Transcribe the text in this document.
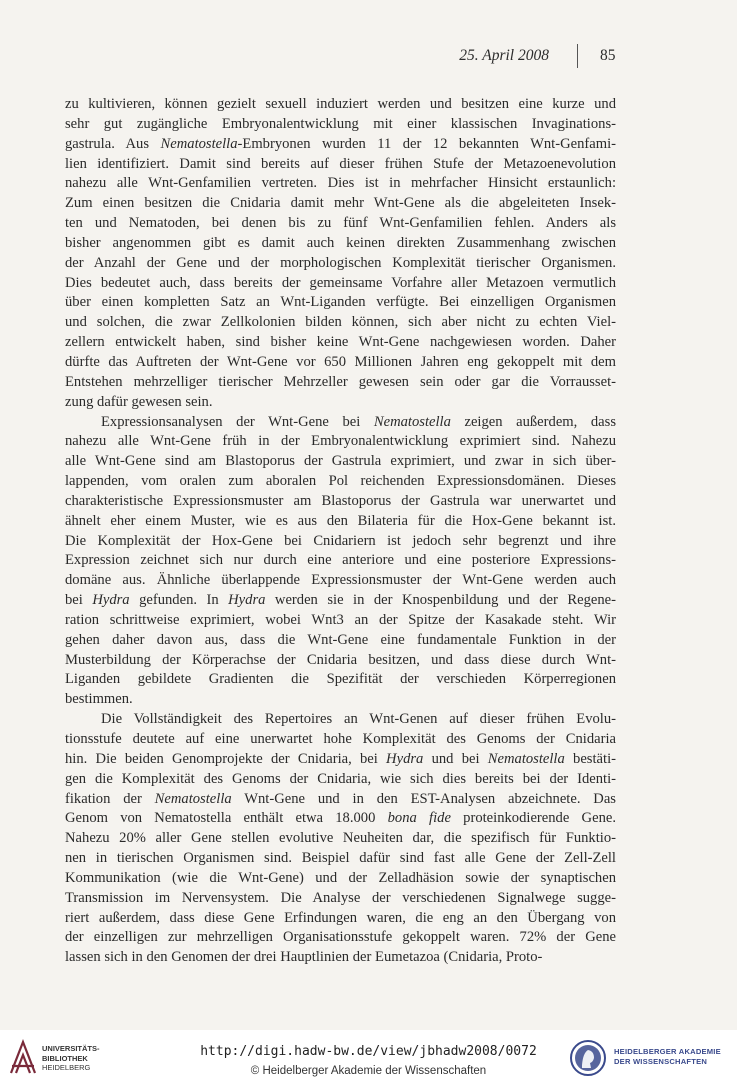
25. April 2008	85
zu kultivieren, können gezielt sexuell induziert werden und besitzen eine kurze und
sehr gut zugängliche Embryonalentwicklung mit einer klassischen Invaginations-
gastrula. Aus Nematostella-Embryonen wurden 11 der 12 bekannten Wnt-Genfami-
lien identifiziert. Damit sind bereits auf dieser frühen Stufe der Metazoenevolution
nahezu alle Wnt-Genfamilien vertreten. Dies ist in mehrfacher Hinsicht erstaunlich:
Zum einen besitzen die Cnidaria damit mehr Wnt-Gene als die abgeleiteten Insek-
ten und Nematoden, bei denen bis zu fünf Wnt-Genfamilien fehlen. Anders als
bisher angenommen gibt es damit auch keinen direkten Zusammenhang zwischen
der Anzahl der Gene und der morphologischen Komplexität tierischer Organismen.
Dies bedeutet auch, dass bereits der gemeinsame Vorfahre aller Metazoen vermutlich
über einen kompletten Satz an Wnt-Liganden verfügte. Bei einzelligen Organismen
und solchen, die zwar Zellkolonien bilden können, sich aber nicht zu echten Viel-
zellern entwickelt haben, sind bisher keine Wnt-Gene nachgewiesen worden. Daher
dürfte das Auftreten der Wnt-Gene vor 650 Millionen Jahren eng gekoppelt mit dem
Entstehen mehrzelliger tierischer Mehrzeller gewesen sein oder gar die Vorrausset-
zung dafür gewesen sein.
Expressionsanalysen der Wnt-Gene bei Nematostella zeigen außerdem, dass
nahezu alle Wnt-Gene früh in der Embryonalentwicklung exprimiert sind. Nahezu
alle Wnt-Gene sind am Blastoporus der Gastrula exprimiert, und zwar in sich über-
lappenden, vom oralen zum aboralen Pol reichenden Expressionsdomänen. Dieses
charakteristische Expressionsmuster am Blastoporus der Gastrula war unerwartet und
ähnelt eher einem Muster, wie es aus den Bilateria für die Hox-Gene bekannt ist.
Die Komplexität der Hox-Gene bei Cnidariern ist jedoch sehr begrenzt und ihre
Expression zeichnet sich nur durch eine anteriore und eine posteriore Expressions-
domäne aus. Ähnliche überlappende Expressionsmuster der Wnt-Gene werden auch
bei Hydra gefunden. In Hydra werden sie in der Knospenbildung und der Regene-
ration schrittweise exprimiert, wobei Wnt3 an der Spitze der Kasakade steht. Wir
gehen daher davon aus, dass die Wnt-Gene eine fundamentale Funktion in der
Musterbildung der Körperachse der Cnidaria besitzen, und dass diese durch Wnt-
Liganden gebildete Gradienten die Spezifität der verschieden Körperregionen
bestimmen.
Die Vollständigkeit des Repertoires an Wnt-Genen auf dieser frühen Evolu-
tionsstufe deutete auf eine unerwartet hohe Komplexität des Genoms der Cnidaria
hin. Die beiden Genomprojekte der Cnidaria, bei Hydra und bei Nematostella bestäti-
gen die Komplexität des Genoms der Cnidaria, wie sich dies bereits bei der Identi-
fikation der Nematostella Wnt-Gene und in den EST-Analysen abzeichnete. Das
Genom von Nematostella enthält etwa 18.000 bona fide proteinkodierende Gene.
Nahezu 20% aller Gene stellen evolutive Neuheiten dar, die spezifisch für Funktio-
nen in tierischen Organismen sind. Beispiel dafür sind fast alle Gene der Zell-Zell
Kommunikation (wie die Wnt-Gene) und der Zelladhäsion sowie der synaptischen
Transmission im Nervensystem. Die Analyse der verschiedenen Signalwege sugge-
riert außerdem, dass diese Gene Erfindungen waren, die eng an den Übergang von
der einzelligen zur mehrzelligen Organisationsstufe gekoppelt waren. 72% der Gene
lassen sich in den Genomen der drei Hauptlinien der Eumetazoa (Cnidaria, Proto-
UNIVERSITÄTS-
BIBLIOTHEK
HEIDELBERG
http://digi.hadw-bw.de/view/jbhadw2008/0072
© Heidelberger Akademie der Wissenschaften
HEIDELBERGER AKADEMIE
DER WISSENSCHAFTEN
